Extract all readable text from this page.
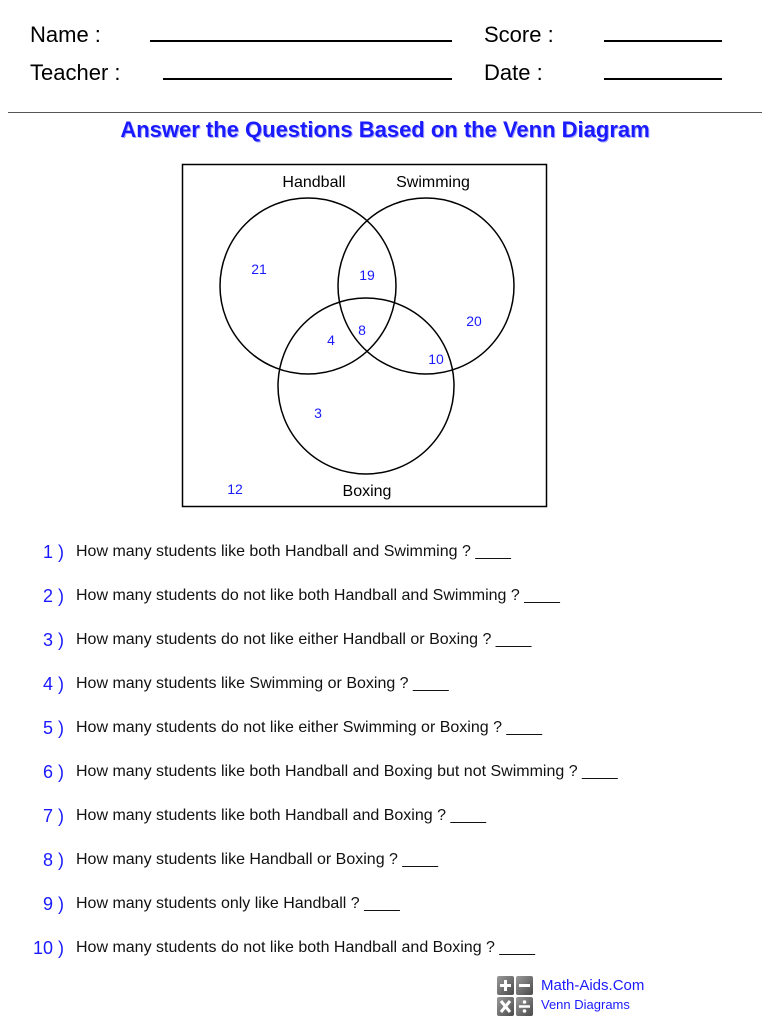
Name :
Teacher :
Score :
Date :
Answer the Questions Based on the Venn Diagram
Handball	Swimming
Boxing
21	19
4
8
20
10
3
12
1 ) How many students like both Handball and Swimming ? ____
2 ) How many students do not like both Handball and Swimming ? ____
3 ) How many students do not like either Handball or Boxing ? ____
4 ) How many students like Swimming or Boxing ? ____
5 ) How many students do not like either Swimming or Boxing ? ____
6 ) How many students like both Handball and Boxing but not Swimming ? ____
7 ) How many students like both Handball and Boxing ? ____
8 ) How many students like Handball or Boxing ? ____
9 ) How many students only like Handball ? ____
10 ) How many students do not like both Handball and Boxing ? ____
Math-Aids.Com
Venn Diagrams
